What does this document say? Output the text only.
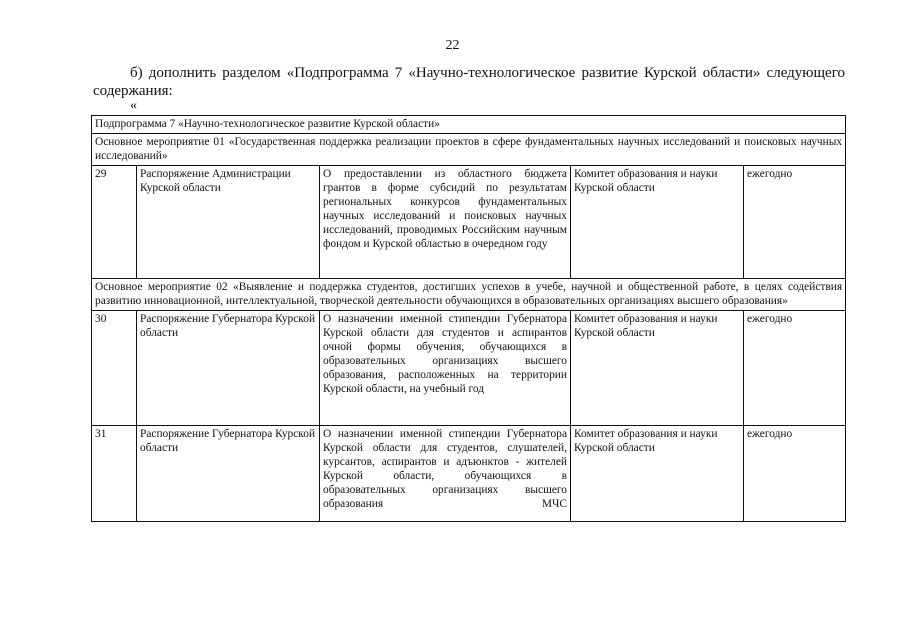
22
б) дополнить разделом «Подпрограмма 7 «Научно-технологическое развитие Курской области» следующего
содержания:
«
Подпрограмма 7 «Научно-технологическое развитие Курской области»				
Основное мероприятие 01 «Государственная поддержка реализации проектов в сфере фундаментальных научных исследований и поисковых научных исследований»				
29	Распоряжение Администрации Курской области	О предоставлении из областного бюджета грантов в форме субсидий по результатам региональных конкурсов фундаментальных научных исследований и поисковых научных исследований, проводимых Российским научным фондом и Курской областью в очередном году	Комитет образования и науки Курской области	ежегодно
Основное мероприятие 02 «Выявление и поддержка студентов, достигших успехов в учебе, научной и общественной работе, в целях содействия развитию инновационной, интеллектуальной, творческой деятельности обучающихся в образовательных организациях высшего образования»				
30	Распоряжение Губернатора Курской области	О назначении именной стипендии Губернатора Курской области для студентов и аспирантов очной формы обучения, обучающихся в образовательных организациях высшего образования, расположенных на территории Курской области, на учебный год	Комитет образования и науки Курской области	ежегодно
31	Распоряжение Губернатора Курской области	О назначении именной стипендии Губернатора Курской области для студентов, слушателей, курсантов, аспирантов и адъюнктов - жителей Курской области, обучающихся в образовательных организациях высшего образования МЧС	Комитет образования и науки Курской области	ежегодно
